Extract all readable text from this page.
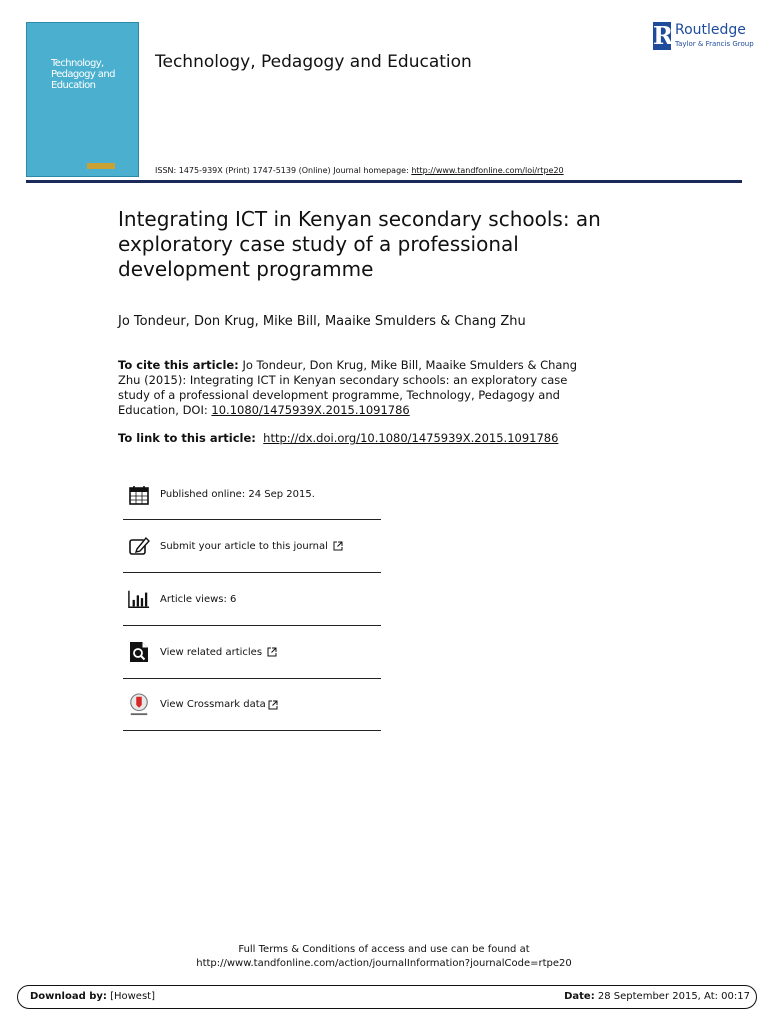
Technology,
Pedagogy and
Education
Technology, Pedagogy and Education
R Routledge
Taylor & Francis Group
ISSN: 1475-939X (Print) 1747-5139 (Online) Journal homepage: http://www.tandfonline.com/loi/rtpe20
Integrating ICT in Kenyan secondary schools: an exploratory case study of a professional development programme
Jo Tondeur, Don Krug, Mike Bill, Maaike Smulders & Chang Zhu
To cite this article: Jo Tondeur, Don Krug, Mike Bill, Maaike Smulders & Chang Zhu (2015): Integrating ICT in Kenyan secondary schools: an exploratory case study of a professional development programme, Technology, Pedagogy and Education, DOI: 10.1080/1475939X.2015.1091786
To link to this article: http://dx.doi.org/10.1080/1475939X.2015.1091786
Published online: 24 Sep 2015.
Submit your article to this journal
Article views: 6
View related articles
View Crossmark data
Full Terms & Conditions of access and use can be found at
http://www.tandfonline.com/action/journalInformation?journalCode=rtpe20
Download by: [Howest]	Date: 28 September 2015, At: 00:17
